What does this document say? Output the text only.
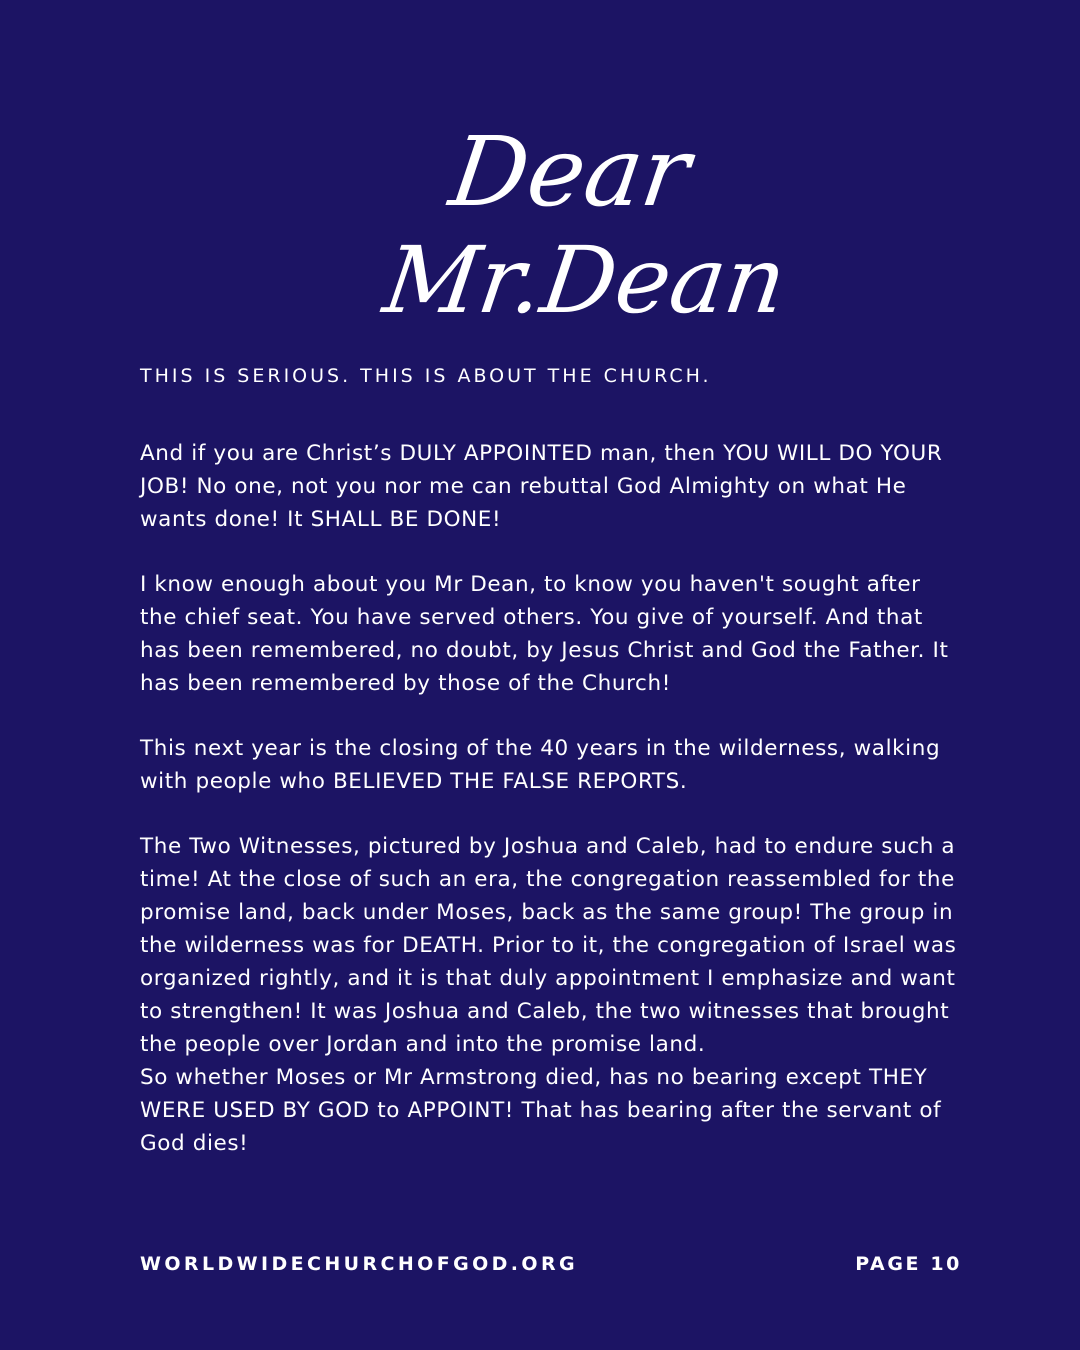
Dear
Mr.Dean
THIS IS SERIOUS. THIS IS ABOUT THE CHURCH.

And if you are Christ’s DULY APPOINTED man, then YOU WILL DO YOUR JOB! No one, not you nor me can rebuttal God Almighty on what He wants done! It SHALL BE DONE!

I know enough about you Mr Dean, to know you haven't sought after the chief seat. You have served others. You give of yourself. And that has been remembered, no doubt, by Jesus Christ and God the Father. It has been remembered by those of the Church!

This next year is the closing of the 40 years in the wilderness, walking with people who BELIEVED THE FALSE REPORTS.

The Two Witnesses, pictured by Joshua and Caleb, had to endure such a time! At the close of such an era, the congregation reassembled for the promise land, back under Moses, back as the same group! The group in the wilderness was for DEATH. Prior to it, the congregation of Israel was organized rightly, and it is that duly appointment I emphasize and want to strengthen! It was Joshua and Caleb, the two witnesses that brought the people over Jordan and into the promise land.

So whether Moses or Mr Armstrong died, has no bearing except THEY WERE USED BY GOD to APPOINT! That has bearing after the servant of God dies!

WORLDWIDECHURCHOFGOD.ORG	PAGE 10
